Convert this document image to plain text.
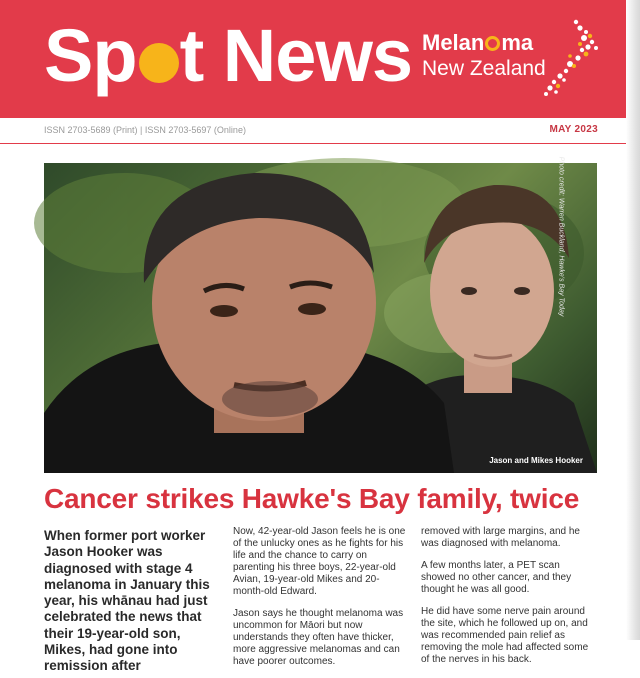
Sp t News Melan ma
New Zealand
ISSN 2703-5689 (Print) | ISSN 2703-5697 (Online)	MAY 2023
Photo credit: Warren Buckland, Hawke's Bay Today
Jason and Mikes Hooker
Cancer strikes Hawke's Bay family, twice

When former port worker Jason Hooker was diagnosed with stage 4 melanoma in January this year, his whānau had just celebrated the news that their 19-year-old son, Mikes, had gone into remission after

Now, 42-year-old Jason feels he is one of the unlucky ones as he fights for his life and the chance to carry on parenting his three boys, 22-year-old Avian, 19-year-old Mikes and 20-month-old Edward.

Jason says he thought melanoma was uncommon for Māori but now understands they often have thicker, more aggressive melanomas and can have poorer outcomes.

removed with large margins, and he was diagnosed with melanoma.

A few months later, a PET scan showed no other cancer, and they thought he was all good.

He did have some nerve pain around the site, which he followed up on, and was recommended pain relief as removing the mole had affected some of the nerves in his back.
